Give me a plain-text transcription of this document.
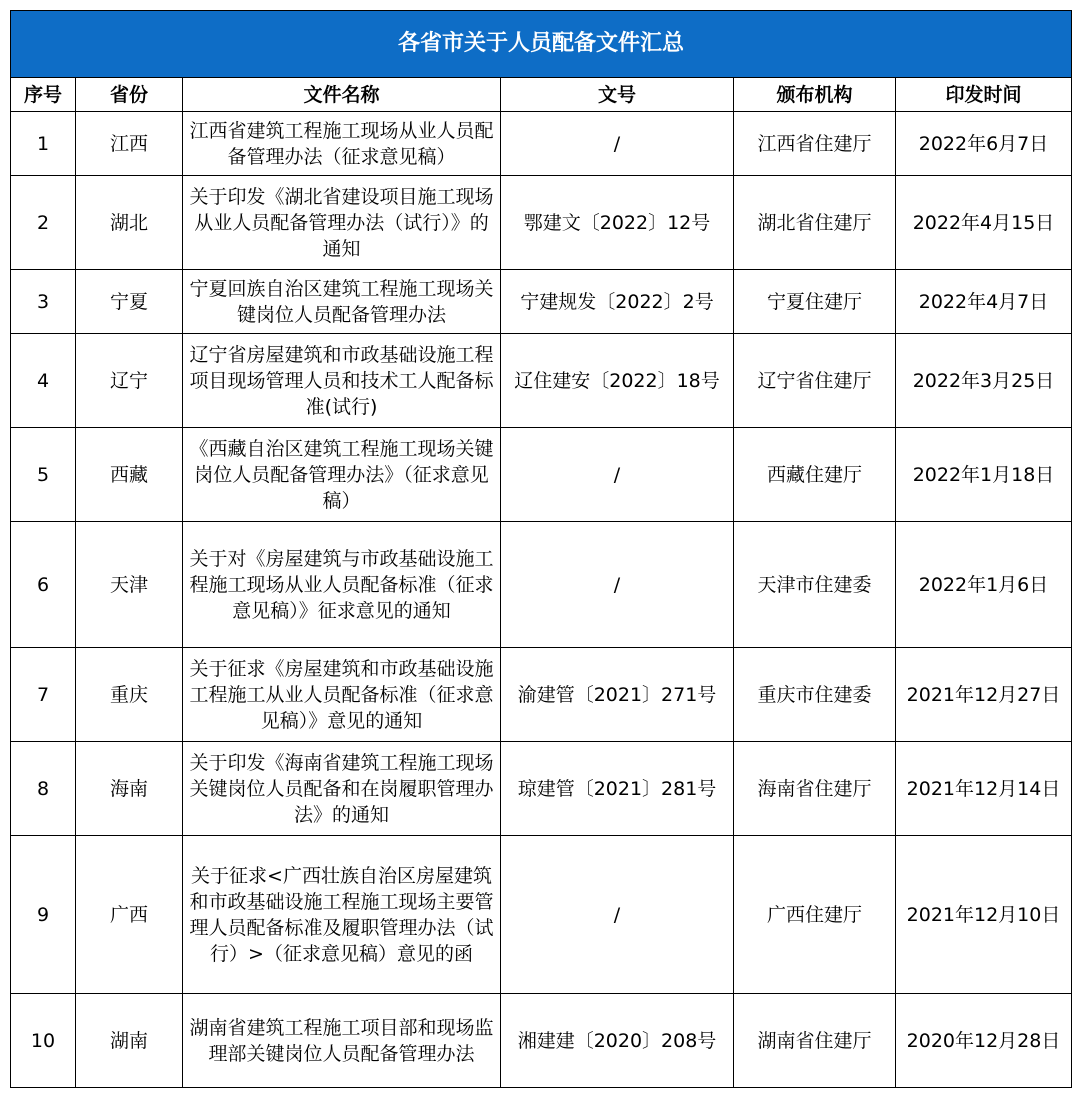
各省市关于人员配备文件汇总					
序号	省份	文件名称	文号	颁布机构	印发时间
1	江西	江西省建筑工程施工现场从业人员配备管理办法（征求意见稿）	/	江西省住建厅	2022年6月7日
2	湖北	关于印发《湖北省建设项目施工现场从业人员配备管理办法（试行）》的通知	鄂建文〔2022〕12号	湖北省住建厅	2022年4月15日
3	宁夏	宁夏回族自治区建筑工程施工现场关键岗位人员配备管理办法	宁建规发〔2022〕2号	宁夏住建厅	2022年4月7日
4	辽宁	辽宁省房屋建筑和市政基础设施工程项目现场管理人员和技术工人配备标准(试行)	辽住建安〔2022〕18号	辽宁省住建厅	2022年3月25日
5	西藏	《西藏自治区建筑工程施工现场关键岗位人员配备管理办法》（征求意见稿）	/	西藏住建厅	2022年1月18日
6	天津	关于对《房屋建筑与市政基础设施工程施工现场从业人员配备标准（征求意见稿）》征求意见的通知	/	天津市住建委	2022年1月6日
7	重庆	关于征求《房屋建筑和市政基础设施工程施工从业人员配备标准（征求意见稿）》意见的通知	渝建管〔2021〕271号	重庆市住建委	2021年12月27日
8	海南	关于印发《海南省建筑工程施工现场关键岗位人员配备和在岗履职管理办法》的通知	琼建管〔2021〕281号	海南省住建厅	2021年12月14日
9	广西	关于征求<广西壮族自治区房屋建筑和市政基础设施工程施工现场主要管理人员配备标准及履职管理办法（试行）>（征求意见稿）意见的函	/	广西住建厅	2021年12月10日
10	湖南	湖南省建筑工程施工项目部和现场监理部关键岗位人员配备管理办法	湘建建〔2020〕208号	湖南省住建厅	2020年12月28日
